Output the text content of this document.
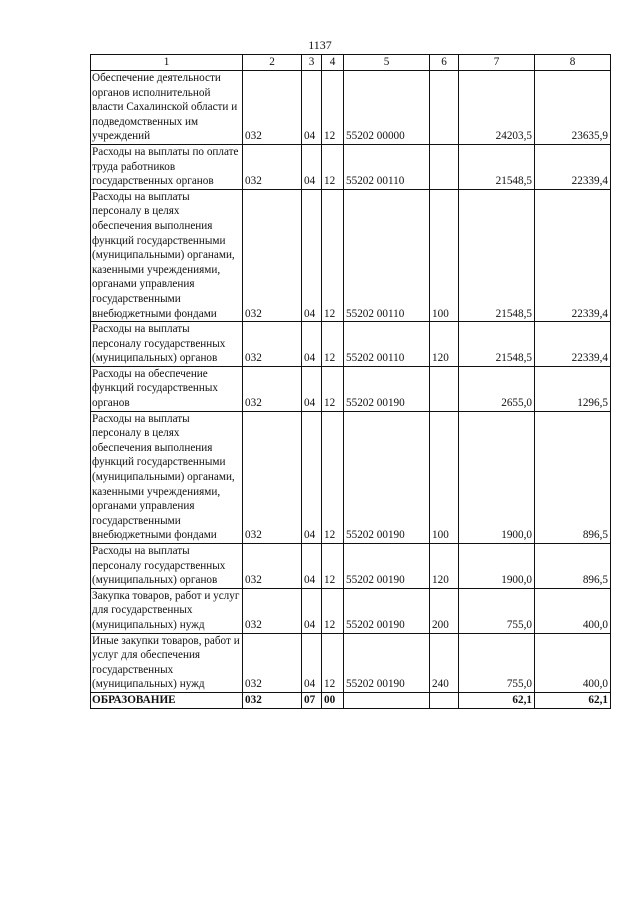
1137
1	2	3	4	5	6	7	8

Обеспечение деятельности органов исполнительной власти Сахалинской области и подведомственных им учреждений	032	04	12	55202 00000		24203,5	23635,9

Расходы на выплаты по оплате труда работников государственных органов	032	04	12	55202 00110		21548,5	22339,4

Расходы на выплаты персоналу в целях обеспечения выполнения функций государственными (муниципальными) органами, казенными учреждениями, органами управления государственными внебюджетными фондами	032	04	12	55202 00110	100	21548,5	22339,4

Расходы на выплаты персоналу государственных (муниципальных) органов	032	04	12	55202 00110	120	21548,5	22339,4

Расходы на обеспечение функций государственных органов	032	04	12	55202 00190		2655,0	1296,5

Расходы на выплаты персоналу в целях обеспечения выполнения функций государственными (муниципальными) органами, казенными учреждениями, органами управления государственными внебюджетными фондами	032	04	12	55202 00190	100	1900,0	896,5

Расходы на выплаты персоналу государственных (муниципальных) органов	032	04	12	55202 00190	120	1900,0	896,5

Закупка товаров, работ и услуг для государственных (муниципальных) нужд	032	04	12	55202 00190	200	755,0	400,0

Иные закупки товаров, работ и услуг для обеспечения государственных (муниципальных) нужд	032	04	12	55202 00190	240	755,0	400,0

ОБРАЗОВАНИЕ	032	07	00			62,1	62,1
